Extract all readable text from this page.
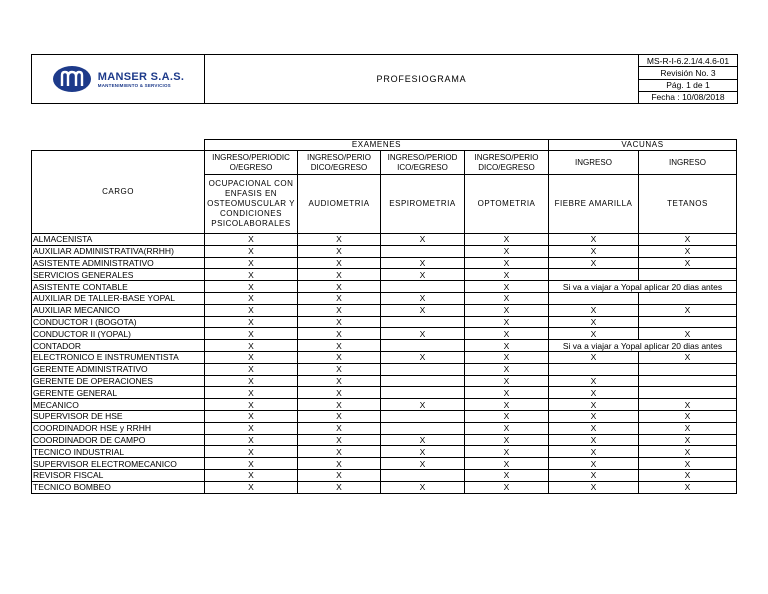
MANSER S.A.S.
MANTENIMIENTO & SERVICIOS
	PROFESIOGRAMA	MS-R-I-6.2.1/4.4.6-01
Revisión No. 3
Pág. 1 de 1
Fecha : 10/08/2018
	EXAMENES				VACUNAS	
CARGO	INGRESO/PERIODIC O/EGRESO	INGRESO/PERIO DICO/EGRESO	INGRESO/PERIOD ICO/EGRESO	INGRESO/PERIO DICO/EGRESO	INGRESO	INGRESO
	OCUPACIONAL CON ENFASIS EN OSTEOMUSCULAR Y CONDICIONES PSICOLABORALES	AUDIOMETRIA	ESPIROMETRIA	OPTOMETRIA	FIEBRE AMARILLA	TETANOS
ALMACENISTA	X	X	X	X	X	X
AUXILIAR ADMINISTRATIVA(RRHH)	X	X		X	X	X
ASISTENTE ADMINISTRATIVO	X	X	X	X	X	X
SERVICIOS GENERALES	X	X	X	X		
ASISTENTE CONTABLE	X	X		X	Si va a viajar a Yopal aplicar 20 dias antes	
AUXILIAR DE TALLER-BASE YOPAL	X	X	X	X		
AUXILIAR MECANICO	X	X	X	X	X	X
CONDUCTOR I (BOGOTA)	X	X		X	X	
CONDUCTOR II (YOPAL)	X	X	X	X	X	X
CONTADOR	X	X		X	Si va a viajar a Yopal aplicar 20 dias antes	
ELECTRONICO E INSTRUMENTISTA	X	X	X	X	X	X
GERENTE ADMINISTRATIVO	X	X		X		
GERENTE DE OPERACIONES	X	X		X	X	
GERENTE GENERAL	X	X		X	X	
MECANICO	X	X	X	X	X	X
SUPERVISOR DE HSE	X	X		X	X	X
COORDINADOR HSE y RRHH	X	X		X	X	X
COORDINADOR DE CAMPO	X	X	X	X	X	X
TECNICO INDUSTRIAL	X	X	X	X	X	X
SUPERVISOR ELECTROMECANICO	X	X	X	X	X	X
REVISOR FISCAL	X	X		X	X	X
TECNICO BOMBEO	X	X	X	X	X	X
